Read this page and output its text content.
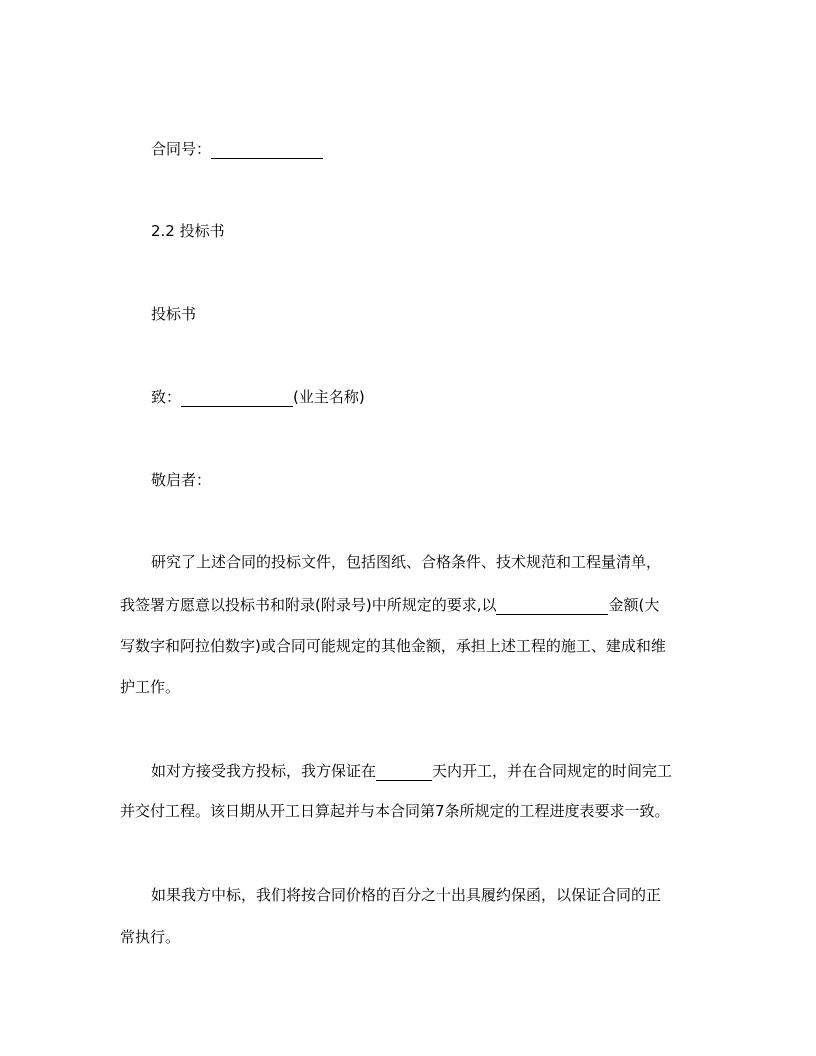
合同号：
2.2 投标书
投标书
致：	(业主名称)
敬启者：
研究了上述合同的投标文件，包括图纸、合格条件、技术规范和工程量清单，
我签署方愿意以投标书和附录(附录号)中所规定的要求,以	金额(大
写数字和阿拉伯数字)或合同可能规定的其他金额，承担上述工程的施工、建成和维
护工作。
如对方接受我方投标，我方保证在	天内开工，并在合同规定的时间完工
并交付工程。该日期从开工日算起并与本合同第7条所规定的工程进度表要求一致。
如果我方中标，我们将按合同价格的百分之十出具履约保函，以保证合同的正
常执行。
